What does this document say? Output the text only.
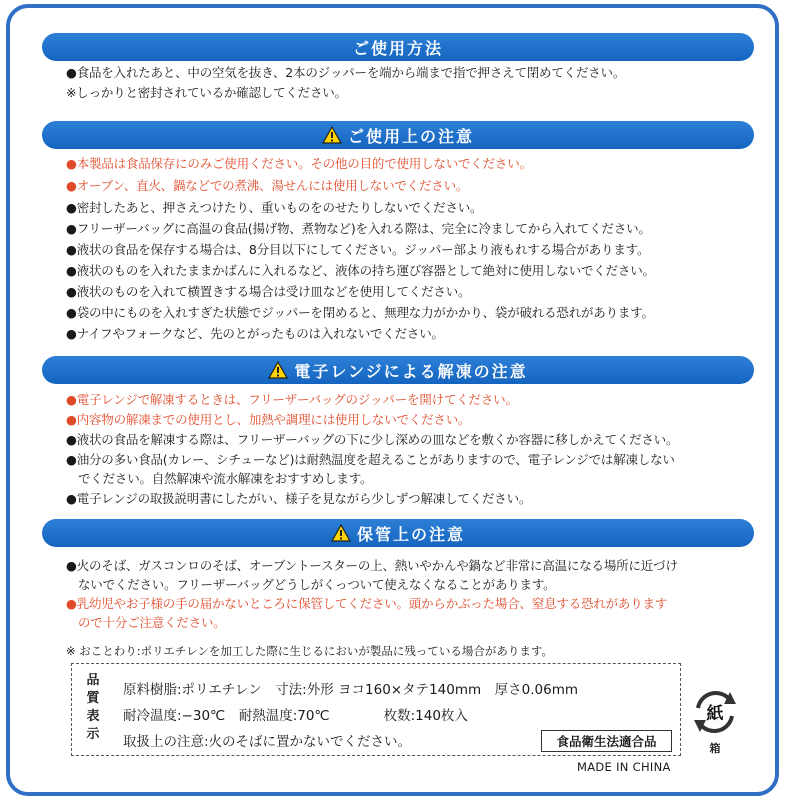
ご使用方法
●食品を入れたあと、中の空気を抜き、2本のジッパーを端から端まで指で押さえて閉めてください。
※しっかりと密封されているか確認してください。
ご使用上の注意
●本製品は食品保存にのみご使用ください。その他の目的で使用しないでください。
●オーブン、直火、鍋などでの煮沸、湯せんには使用しないでください。
●密封したあと、押さえつけたり、重いものをのせたりしないでください。
●フリーザーバッグに高温の食品(揚げ物、煮物など)を入れる際は、完全に冷ましてから入れてください。
●液状の食品を保存する場合は、8分目以下にしてください。ジッパー部より液もれする場合があります。
●液状のものを入れたままかばんに入れるなど、液体の持ち運び容器として絶対に使用しないでください。
●液状のものを入れて横置きする場合は受け皿などを使用してください。
●袋の中にものを入れすぎた状態でジッパーを閉めると、無理な力がかかり、袋が破れる恐れがあります。
●ナイフやフォークなど、先のとがったものは入れないでください。
電子レンジによる解凍の注意
●電子レンジで解凍するときは、フリーザーバッグのジッパーを開けてください。
●内容物の解凍までの使用とし、加熱や調理には使用しないでください。
●液状の食品を解凍する際は、フリーザーバッグの下に少し深めの皿などを敷くか容器に移しかえてください。
●油分の多い食品(カレー、シチューなど)は耐熱温度を超えることがありますので、電子レンジでは解凍しない
でください。自然解凍や流水解凍をおすすめします。
●電子レンジの取扱説明書にしたがい、様子を見ながら少しずつ解凍してください。
保管上の注意
●火のそば、ガスコンロのそば、オーブントースターの上、熱いやかんや鍋など非常に高温になる場所に近づけ
ないでください。フリーザーバッグどうしがくっついて使えなくなることがあります。
●乳幼児やお子様の手の届かないところに保管してください。頭からかぶった場合、窒息する恐れがあります
ので十分ご注意ください。
※ おことわり:ポリエチレンを加工した際に生じるにおいが製品に残っている場合があります。
品
質
表
示
原料樹脂:ポリエチレン　寸法:外形 ヨコ160×タテ140mm　厚さ0.06mm
耐冷温度:−30℃　耐熱温度:70℃　　　　枚数:140枚入
取扱上の注意:火のそばに置かないでください。	食品衛生法適合品
紙
箱
MADE IN CHINA
